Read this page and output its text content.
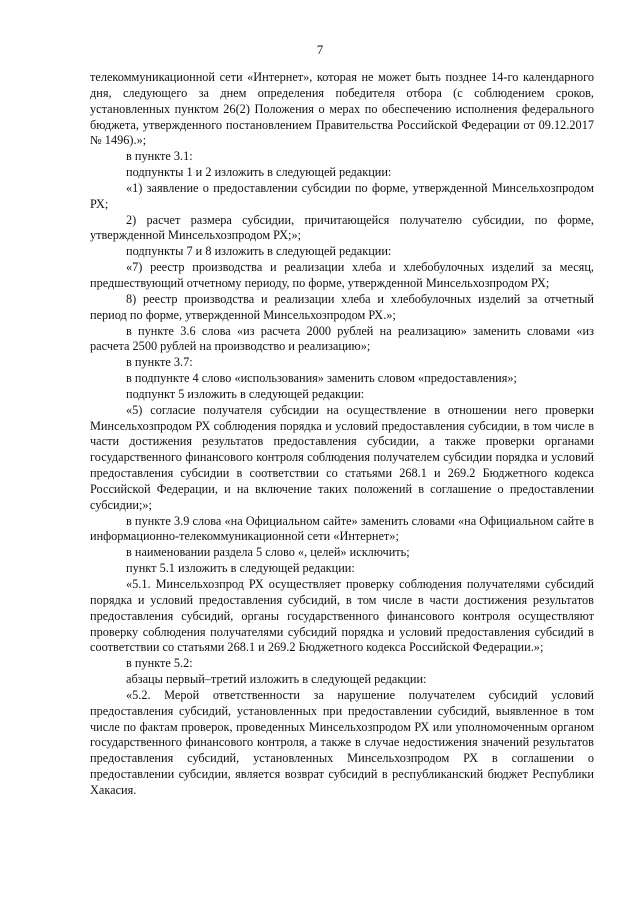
7

телекоммуникационной сети «Интернет», которая не может быть позднее 14-го календарного дня, следующего за днем определения победителя отбора (с соблюдением сроков, установленных пунктом 26(2) Положения о мерах по обеспечению исполнения федерального бюджета, утвержденного постановлением Правительства Российской Федерации от 09.12.2017 № 1496).»;

в пункте 3.1:

подпункты 1 и 2 изложить в следующей редакции:

«1) заявление о предоставлении субсидии по форме, утвержденной Минсельхозпродом РХ;

2) расчет размера субсидии, причитающейся получателю субсидии, по форме, утвержденной Минсельхозпродом РХ;»;

подпункты 7 и 8 изложить в следующей редакции:

«7) реестр производства и реализации хлеба и хлебобулочных изделий за месяц, предшествующий отчетному периоду, по форме, утвержденной Минсельхозпродом РХ;

8) реестр производства и реализации хлеба и хлебобулочных изделий за отчетный период по форме, утвержденной Минсельхозпродом РХ.»;

в пункте 3.6 слова «из расчета 2000 рублей на реализацию» заменить словами «из расчета 2500 рублей на производство и реализацию»;

в пункте 3.7:

в подпункте 4 слово «использования» заменить словом «предоставления»;

подпункт 5 изложить в следующей редакции:

«5) согласие получателя субсидии на осуществление в отношении него проверки Минсельхозпродом РХ соблюдения порядка и условий предоставления субсидии, в том числе в части достижения результатов предоставления субсидии, а также проверки органами государственного финансового контроля соблюдения получателем субсидии порядка и условий предоставления субсидии в соответствии со статьями 268.1 и 269.2 Бюджетного кодекса Российской Федерации, и на включение таких положений в соглашение о предоставлении субсидии;»;

в пункте 3.9 слова «на Официальном сайте» заменить словами «на Официальном сайте в информационно-телекоммуникационной сети «Интернет»;

в наименовании раздела 5 слово «, целей» исключить;

пункт 5.1 изложить в следующей редакции:

«5.1. Минсельхозпрод РХ осуществляет проверку соблюдения получателями субсидий порядка и условий предоставления субсидий, в том числе в части достижения результатов предоставления субсидий, органы государственного финансового контроля осуществляют проверку соблюдения получателями субсидий порядка и условий предоставления субсидий в соответствии со статьями 268.1 и 269.2 Бюджетного кодекса Российской Федерации.»;

в пункте 5.2:

абзацы первый–третий изложить в следующей редакции:

«5.2. Мерой ответственности за нарушение получателем субсидий условий предоставления субсидий, установленных при предоставлении субсидий, выявленное в том числе по фактам проверок, проведенных Минсельхозпродом РХ или уполномоченным органом государственного финансового контроля, а также в случае недостижения значений результатов предоставления субсидий, установленных Минсельхозпродом РХ в соглашении о предоставлении субсидии, является возврат субсидий в республиканский бюджет Республики Хакасия.
